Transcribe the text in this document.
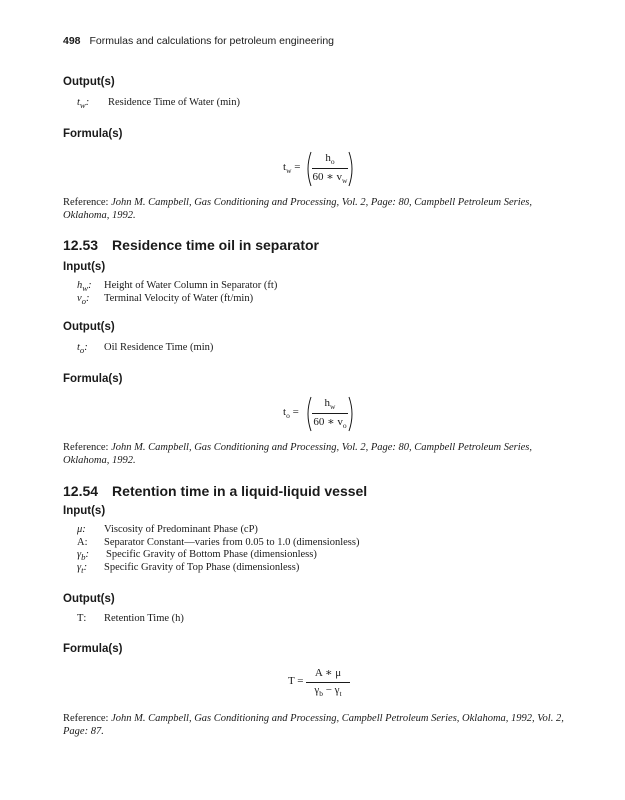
498 Formulas and calculations for petroleum engineering
Output(s)
$t_w$: Residence Time of Water (min)
Formula(s)
$t_w$ =
$h_o$
60 ∗ $v_w$
Reference: John M. Campbell, Gas Conditioning and Processing, Vol. 2, Page: 80, Campbell Petroleum Series, Oklahoma, 1992.
12.53 Residence time oil in separator
Input(s)
$h_w$: Height of Water Column in Separator (ft)
$v_o$: Terminal Velocity of Water (ft/min)
Output(s)
$t_o$: Oil Residence Time (min)
Formula(s)
$t_o$ =
$h_w$
60 ∗ $v_o$
Reference: John M. Campbell, Gas Conditioning and Processing, Vol. 2, Page: 80, Campbell Petroleum Series, Oklahoma, 1992.
12.54 Retention time in a liquid-liquid vessel
Input(s)
μ: Viscosity of Predominant Phase (cP)
A: Separator Constant—varies from 0.05 to 1.0 (dimensionless)
$\gamma_b$: Specific Gravity of Bottom Phase (dimensionless)
$\gamma_t$: Specific Gravity of Top Phase (dimensionless)
Output(s)
T: Retention Time (h)
Formula(s)
T =
A ∗ μ
$\gamma_b - \gamma_t$
Reference: John M. Campbell, Gas Conditioning and Processing, Campbell Petroleum Series, Oklahoma, 1992, Vol. 2, Page: 87.
